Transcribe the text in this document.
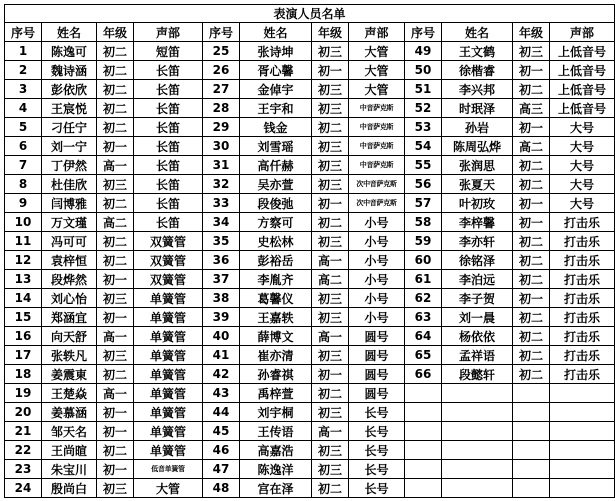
表演人员名单											
序号	姓名	年级	声部	序号	姓名	年级	声部	序号	姓名	年级	声部
1	陈逸可	初二	短笛	25	张诗坤	初三	大管	49	王文鹤	初三	上低音号
2	魏诗涵	初二	长笛	26	胥心馨	初一	大管	50	徐楷睿	初一	上低音号
3	彭依欣	初二	长笛	27	金倬宇	初三	大管	51	李兴邦	初二	上低音号
4	王宸悦	初二	长笛	28	王宇和	初三	中音萨克斯	52	时珉泽	高三	上低音号
5	刁任宁	初二	长笛	29	钱金	初二	中音萨克斯	53	孙岩	初一	大号
6	刘一宁	初一	长笛	30	刘雪瑶	初三	中音萨克斯	54	陈周弘烨	高二	大号
7	丁伊然	高一	长笛	31	高仟赫	初三	中音萨克斯	55	张润思	初二	大号
8	杜佳欣	初三	长笛	32	吴亦萱	初三	次中音萨克斯	56	张夏天	初二	大号
9	闫博雅	初二	长笛	33	段俊弛	初一	次中音萨克斯	57	叶初玫	初一	大号
10	万文瑾	高二	长笛	34	方察可	初二	小号	58	李梓馨	初一	打击乐
11	冯可可	初二	双簧管	35	史松林	初三	小号	59	李亦轩	初二	打击乐
12	袁梓恒	初二	双簧管	36	彭裕岳	高一	小号	60	徐铭泽	初二	打击乐
13	段烨然	初一	双簧管	37	李胤齐	高二	小号	61	李泊远	初二	打击乐
14	刘心怡	初三	单簧管	38	葛馨仪	初三	小号	62	李子贺	初一	打击乐
15	郑涵宜	初一	单簧管	39	王嘉轶	初三	小号	63	刘一晨	初二	打击乐
16	向天舒	高一	单簧管	40	薛博文	高一	圆号	64	杨依依	初二	打击乐
17	张轶凡	初三	单簧管	41	崔亦清	初三	圆号	65	孟祥语	初二	打击乐
18	姜震東	初二	单簧管	42	孙睿祺	初一	圆号	66	段懿轩	初二	打击乐
19	王楚焱	高一	单簧管	43	禹梓萱	初二	圆号				
20	姜慕涵	初一	单簧管	44	刘宇桐	初三	长号				
21	邹天名	初一	单簧管	45	王传语	高一	长号				
22	王尚暄	初二	单簧管	46	高嘉浩	初三	长号				
23	朱宝川	初一	低音单簧管	47	陈逸洋	初三	长号				
24	殷尚白	初三	大管	48	宫在泽	初二	长号				
